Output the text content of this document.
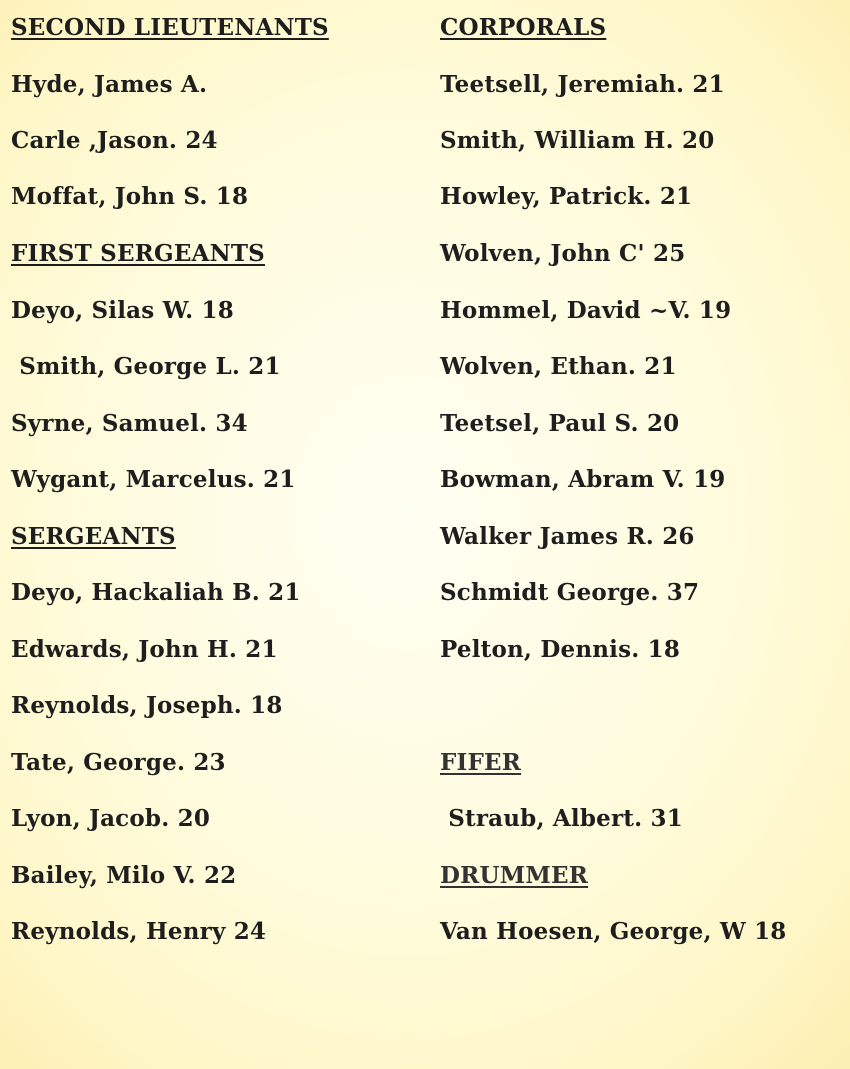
SECOND LIEUTENANTS
Hyde, James A.
Carle ,Jason. 24
Moffat, John S. 18
FIRST SERGEANTS
Deyo, Silas W. 18
Smith, George L. 21
Syrne, Samuel. 34
Wygant, Marcelus. 21
SERGEANTS
Deyo, Hackaliah B. 21
Edwards, John H. 21
Reynolds, Joseph. 18
Tate, George. 23
Lyon, Jacob. 20
Bailey, Milo V. 22
Reynolds, Henry 24
CORPORALS
Teetsell, Jeremiah. 21
Smith, William H. 20
Howley, Patrick. 21
Wolven, John C' 25
Hommel, David ~V. 19
Wolven, Ethan. 21
Teetsel, Paul S. 20
Bowman, Abram V. 19
Walker James R. 26
Schmidt George. 37
Pelton, Dennis. 18
FIFER
Straub, Albert. 31
DRUMMER
Van Hoesen, George, W 18
